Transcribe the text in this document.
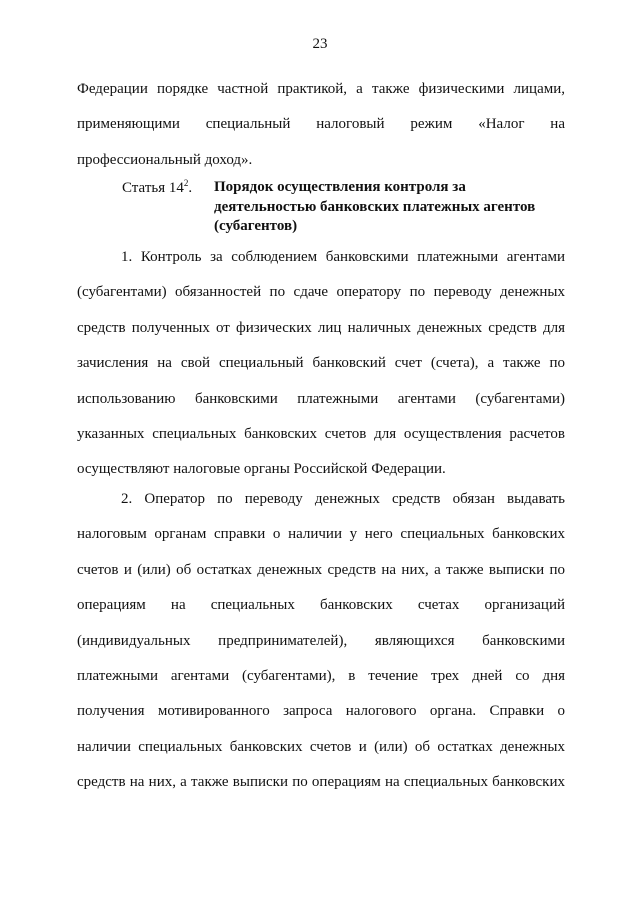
23
Федерации порядке частной практикой, а также физическими лицами,
применяющими специальный налоговый режим «Налог на
профессиональный доход».
Статья $14^2$. Порядок осуществления контроля за
деятельностью банковских платежных агентов
(субагентов)
1. Контроль за соблюдением банковскими платежными агентами
(субагентами) обязанностей по сдаче оператору по переводу денежных
средств полученных от физических лиц наличных денежных средств для
зачисления на свой специальный банковский счет (счета), а также по
использованию банковскими платежными агентами (субагентами)
указанных специальных банковских счетов для осуществления расчетов
осуществляют налоговые органы Российской Федерации.
2. Оператор по переводу денежных средств обязан выдавать
налоговым органам справки о наличии у него специальных банковских
счетов и (или) об остатках денежных средств на них, а также выписки по
операциям на специальных банковских счетах организаций
(индивидуальных предпринимателей), являющихся банковскими
платежными агентами (субагентами), в течение трех дней со дня
получения мотивированного запроса налогового органа. Справки о
наличии специальных банковских счетов и (или) об остатках денежных
средств на них, а также выписки по операциям на специальных банковских
